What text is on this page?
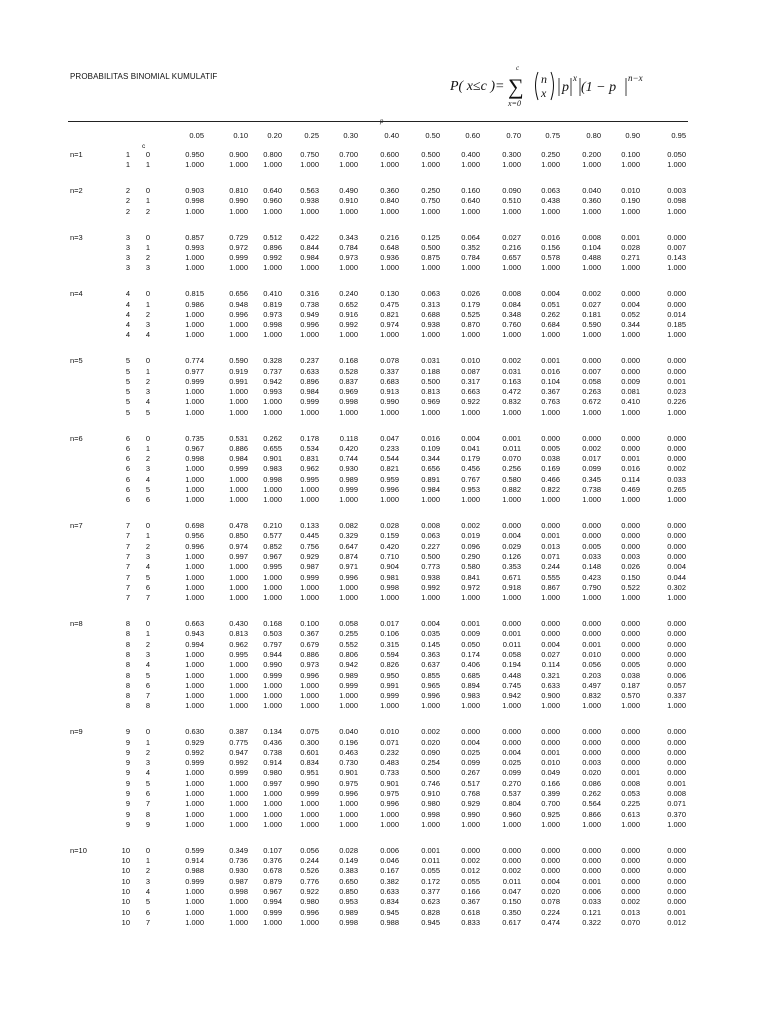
PROBABILITAS BINOMIAL KUMULATIF
P( x≤c )=
c
∑
x=0
n
x p
x
(1 − p
n−x
p
0.05	0.10	0.20	0.25	0.30	0.40	0.50	0.60	0.70	0.75	0.80	0.90	0.95
c
n=1	1	0	0.950	0.900	0.800	0.750	0.700	0.600	0.500	0.400	0.300	0.250	0.200	0.100	0.050
1	1	1.000	1.000	1.000	1.000	1.000	1.000	1.000	1.000	1.000	1.000	1.000	1.000	1.000
n=2	2	0	0.903	0.810	0.640	0.563	0.490	0.360	0.250	0.160	0.090	0.063	0.040	0.010	0.003
2	1	0.998	0.990	0.960	0.938	0.910	0.840	0.750	0.640	0.510	0.438	0.360	0.190	0.098
2	2	1.000	1.000	1.000	1.000	1.000	1.000	1.000	1.000	1.000	1.000	1.000	1.000	1.000
n=3	3	0	0.857	0.729	0.512	0.422	0.343	0.216	0.125	0.064	0.027	0.016	0.008	0.001	0.000
3	1	0.993	0.972	0.896	0.844	0.784	0.648	0.500	0.352	0.216	0.156	0.104	0.028	0.007
3	2	1.000	0.999	0.992	0.984	0.973	0.936	0.875	0.784	0.657	0.578	0.488	0.271	0.143
3	3	1.000	1.000	1.000	1.000	1.000	1.000	1.000	1.000	1.000	1.000	1.000	1.000	1.000
n=4	4	0	0.815	0.656	0.410	0.316	0.240	0.130	0.063	0.026	0.008	0.004	0.002	0.000	0.000
4	1	0.986	0.948	0.819	0.738	0.652	0.475	0.313	0.179	0.084	0.051	0.027	0.004	0.000
4	2	1.000	0.996	0.973	0.949	0.916	0.821	0.688	0.525	0.348	0.262	0.181	0.052	0.014
4	3	1.000	1.000	0.998	0.996	0.992	0.974	0.938	0.870	0.760	0.684	0.590	0.344	0.185
4	4	1.000	1.000	1.000	1.000	1.000	1.000	1.000	1.000	1.000	1.000	1.000	1.000	1.000
n=5	5	0	0.774	0.590	0.328	0.237	0.168	0.078	0.031	0.010	0.002	0.001	0.000	0.000	0.000
5	1	0.977	0.919	0.737	0.633	0.528	0.337	0.188	0.087	0.031	0.016	0.007	0.000	0.000
5	2	0.999	0.991	0.942	0.896	0.837	0.683	0.500	0.317	0.163	0.104	0.058	0.009	0.001
5	3	1.000	1.000	0.993	0.984	0.969	0.913	0.813	0.663	0.472	0.367	0.263	0.081	0.023
5	4	1.000	1.000	1.000	0.999	0.998	0.990	0.969	0.922	0.832	0.763	0.672	0.410	0.226
5	5	1.000	1.000	1.000	1.000	1.000	1.000	1.000	1.000	1.000	1.000	1.000	1.000	1.000
n=6	6	0	0.735	0.531	0.262	0.178	0.118	0.047	0.016	0.004	0.001	0.000	0.000	0.000	0.000
6	1	0.967	0.886	0.655	0.534	0.420	0.233	0.109	0.041	0.011	0.005	0.002	0.000	0.000
6	2	0.998	0.984	0.901	0.831	0.744	0.544	0.344	0.179	0.070	0.038	0.017	0.001	0.000
6	3	1.000	0.999	0.983	0.962	0.930	0.821	0.656	0.456	0.256	0.169	0.099	0.016	0.002
6	4	1.000	1.000	0.998	0.995	0.989	0.959	0.891	0.767	0.580	0.466	0.345	0.114	0.033
6	5	1.000	1.000	1.000	1.000	0.999	0.996	0.984	0.953	0.882	0.822	0.738	0.469	0.265
6	6	1.000	1.000	1.000	1.000	1.000	1.000	1.000	1.000	1.000	1.000	1.000	1.000	1.000
n=7	7	0	0.698	0.478	0.210	0.133	0.082	0.028	0.008	0.002	0.000	0.000	0.000	0.000	0.000
7	1	0.956	0.850	0.577	0.445	0.329	0.159	0.063	0.019	0.004	0.001	0.000	0.000	0.000
7	2	0.996	0.974	0.852	0.756	0.647	0.420	0.227	0.096	0.029	0.013	0.005	0.000	0.000
7	3	1.000	0.997	0.967	0.929	0.874	0.710	0.500	0.290	0.126	0.071	0.033	0.003	0.000
7	4	1.000	1.000	0.995	0.987	0.971	0.904	0.773	0.580	0.353	0.244	0.148	0.026	0.004
7	5	1.000	1.000	1.000	0.999	0.996	0.981	0.938	0.841	0.671	0.555	0.423	0.150	0.044
7	6	1.000	1.000	1.000	1.000	1.000	0.998	0.992	0.972	0.918	0.867	0.790	0.522	0.302
7	7	1.000	1.000	1.000	1.000	1.000	1.000	1.000	1.000	1.000	1.000	1.000	1.000	1.000
n=8	8	0	0.663	0.430	0.168	0.100	0.058	0.017	0.004	0.001	0.000	0.000	0.000	0.000	0.000
8	1	0.943	0.813	0.503	0.367	0.255	0.106	0.035	0.009	0.001	0.000	0.000	0.000	0.000
8	2	0.994	0.962	0.797	0.679	0.552	0.315	0.145	0.050	0.011	0.004	0.001	0.000	0.000
8	3	1.000	0.995	0.944	0.886	0.806	0.594	0.363	0.174	0.058	0.027	0.010	0.000	0.000
8	4	1.000	1.000	0.990	0.973	0.942	0.826	0.637	0.406	0.194	0.114	0.056	0.005	0.000
8	5	1.000	1.000	0.999	0.996	0.989	0.950	0.855	0.685	0.448	0.321	0.203	0.038	0.006
8	6	1.000	1.000	1.000	1.000	0.999	0.991	0.965	0.894	0.745	0.633	0.497	0.187	0.057
8	7	1.000	1.000	1.000	1.000	1.000	0.999	0.996	0.983	0.942	0.900	0.832	0.570	0.337
8	8	1.000	1.000	1.000	1.000	1.000	1.000	1.000	1.000	1.000	1.000	1.000	1.000	1.000
n=9	9	0	0.630	0.387	0.134	0.075	0.040	0.010	0.002	0.000	0.000	0.000	0.000	0.000	0.000
9	1	0.929	0.775	0.436	0.300	0.196	0.071	0.020	0.004	0.000	0.000	0.000	0.000	0.000
9	2	0.992	0.947	0.738	0.601	0.463	0.232	0.090	0.025	0.004	0.001	0.000	0.000	0.000
9	3	0.999	0.992	0.914	0.834	0.730	0.483	0.254	0.099	0.025	0.010	0.003	0.000	0.000
9	4	1.000	0.999	0.980	0.951	0.901	0.733	0.500	0.267	0.099	0.049	0.020	0.001	0.000
9	5	1.000	1.000	0.997	0.990	0.975	0.901	0.746	0.517	0.270	0.166	0.086	0.008	0.001
9	6	1.000	1.000	1.000	0.999	0.996	0.975	0.910	0.768	0.537	0.399	0.262	0.053	0.008
9	7	1.000	1.000	1.000	1.000	1.000	0.996	0.980	0.929	0.804	0.700	0.564	0.225	0.071
9	8	1.000	1.000	1.000	1.000	1.000	1.000	0.998	0.990	0.960	0.925	0.866	0.613	0.370
9	9	1.000	1.000	1.000	1.000	1.000	1.000	1.000	1.000	1.000	1.000	1.000	1.000	1.000
n=10	10	0	0.599	0.349	0.107	0.056	0.028	0.006	0.001	0.000	0.000	0.000	0.000	0.000	0.000
10	1	0.914	0.736	0.376	0.244	0.149	0.046	0.011	0.002	0.000	0.000	0.000	0.000	0.000
10	2	0.988	0.930	0.678	0.526	0.383	0.167	0.055	0.012	0.002	0.000	0.000	0.000	0.000
10	3	0.999	0.987	0.879	0.776	0.650	0.382	0.172	0.055	0.011	0.004	0.001	0.000	0.000
10	4	1.000	0.998	0.967	0.922	0.850	0.633	0.377	0.166	0.047	0.020	0.006	0.000	0.000
10	5	1.000	1.000	0.994	0.980	0.953	0.834	0.623	0.367	0.150	0.078	0.033	0.002	0.000
10	6	1.000	1.000	0.999	0.996	0.989	0.945	0.828	0.618	0.350	0.224	0.121	0.013	0.001
10	7	1.000	1.000	1.000	1.000	0.998	0.988	0.945	0.833	0.617	0.474	0.322	0.070	0.012
